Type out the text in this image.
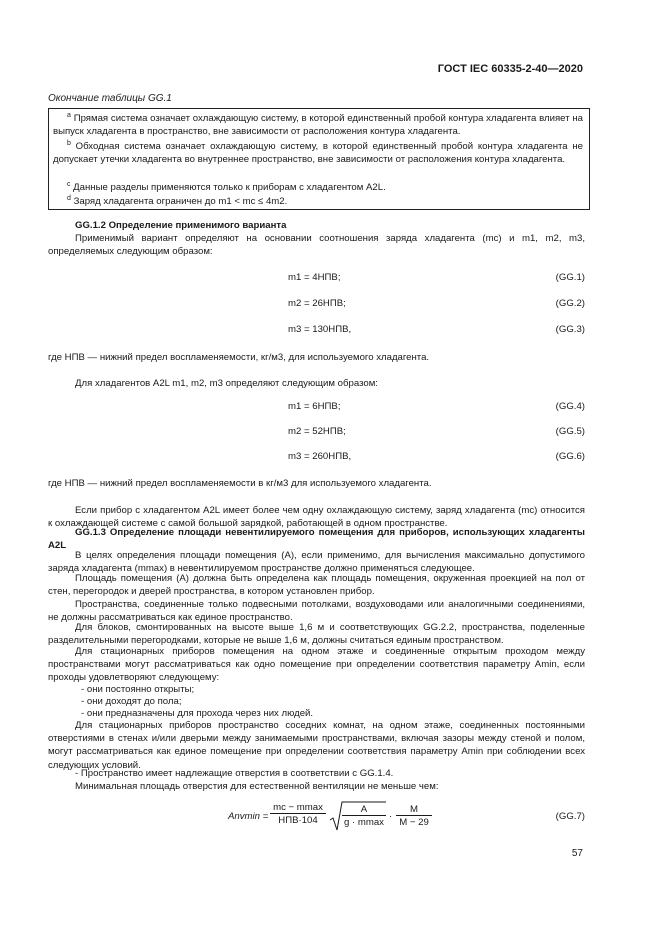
ГОСТ IEC 60335-2-40—2020
Окончание таблицы GG.1

$^a$ Прямая система означает охлаждающую систему, в которой единственный пробой контура хладагента влияет на выпуск хладагента в пространство, вне зависимости от расположения контура хладагента.

$^b$ Обходная система означает охлаждающую систему, в которой единственный пробой контура хладагента не допускает утечки хладагента во внутреннее пространство, вне зависимости от расположения контура хладагента.

$^c$ Данные разделы применяются только к приборам с хладагентом A2L.

$^d$ Заряд хладагента ограничен до m1 < mc ≤ 4m2.

GG.1.2 Определение применимого варианта

Применимый вариант определяют на основании соотношения заряда хладагента (mc) и m1, m2, m3, определяемых следующим образом:

m1 = 4НПВ;	(GG.1)
m2 = 26НПВ;	(GG.2)
m3 = 130НПВ,	(GG.3)

где НПВ — нижний предел воспламеняемости, кг/м3, для используемого хладагента.

Для хладагентов A2L m1, m2, m3 определяют следующим образом:

m1 = 6НПВ;	(GG.4)
m2 = 52НПВ;	(GG.5)
m3 = 260НПВ,	(GG.6)

где НПВ — нижний предел воспламеняемости в кг/м3 для используемого хладагента.

Если прибор с хладагентом A2L имеет более чем одну охлаждающую систему, заряд хладагента (mc) относится к охлаждающей системе с самой большой зарядкой, работающей в одном пространстве.

GG.1.3 Определение площади невентилируемого помещения для приборов, использующих хладагенты A2L

В целях определения площади помещения (A), если применимо, для вычисления максимально допустимого заряда хладагента (mmax) в невентилируемом пространстве должно применяться следующее.

Площадь помещения (A) должна быть определена как площадь помещения, окруженная проекцией на пол от стен, перегородок и дверей пространства, в котором установлен прибор.

Пространства, соединенные только подвесными потолками, воздуховодами или аналогичными соединениями, не должны рассматриваться как единое пространство.

Для блоков, смонтированных на высоте выше 1,6 м и соответствующих GG.2.2, пространства, поделенные разделительными перегородками, которые не выше 1,6 м, должны считаться единым пространством.

Для стационарных приборов помещения на одном этаже и соединенные открытым проходом между пространствами могут рассматриваться как одно помещение при определении соответствия параметру Amin, если проходы удовлетворяют следующему:

- они постоянно открыты;

- они доходят до пола;

- они предназначены для прохода через них людей.

Для стационарных приборов пространство соседних комнат, на одном этаже, соединенных постоянными отверстиями в стенах и/или дверьми между занимаемыми пространствами, включая зазоры между стеной и полом, могут рассматриваться как единое помещение при определении соответствия параметру Amin при соблюдении всех следующих условий.

- Пространство имеет надлежащие отверстия в соответствии с GG.1.4.

Минимальная площадь отверстия для естественной вентиляции не меньше чем:

Anvmin =
mc − mmax
НПВ·104
A
g · mmax
·
M
M − 29
(GG.7)
57
